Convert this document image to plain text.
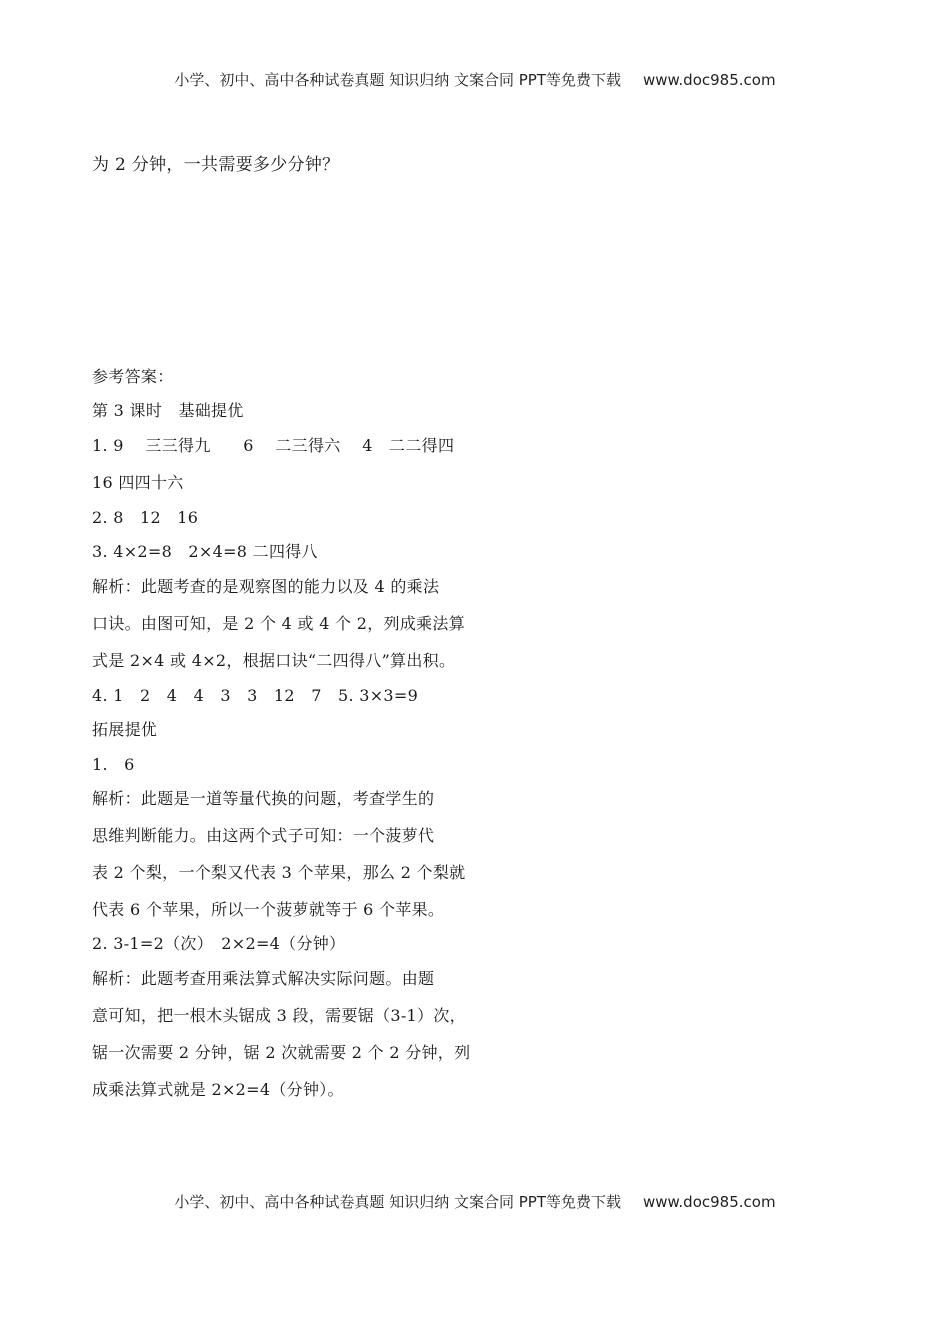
小学、初中、高中各种试卷真题 知识归纳 文案合同 PPT等免费下载 www.doc985.com
为 2 分钟，一共需要多少分钟？
参考答案：
第 3 课时　基础提优
1. 9　 三三得九　　6　 二三得六　 4　二二得四
16 四四十六
2. 8　12　16
3. 4×2=8　2×4=8 二四得八
解析：此题考查的是观察图的能力以及 4 的乘法
口诀。由图可知，是 2 个 4 或 4 个 2，列成乘法算
式是 2×4 或 4×2，根据口诀“二四得八”算出积。
4. 1　2　4　4　3　3　12　7　5. 3×3=9
拓展提优
1.　6
解析：此题是一道等量代换的问题，考查学生的
思维判断能力。由这两个式子可知：一个菠萝代
表 2 个梨，一个梨又代表 3 个苹果，那么 2 个梨就
代表 6 个苹果，所以一个菠萝就等于 6 个苹果。
2. 3-1=2（次）　2×2=4（分钟）
解析：此题考查用乘法算式解决实际问题。由题
意可知，把一根木头锯成 3 段，需要锯（3-1）次，
锯一次需要 2 分钟，锯 2 次就需要 2 个 2 分钟，列
成乘法算式就是 2×2=4（分钟）。
小学、初中、高中各种试卷真题 知识归纳 文案合同 PPT等免费下载 www.doc985.com
